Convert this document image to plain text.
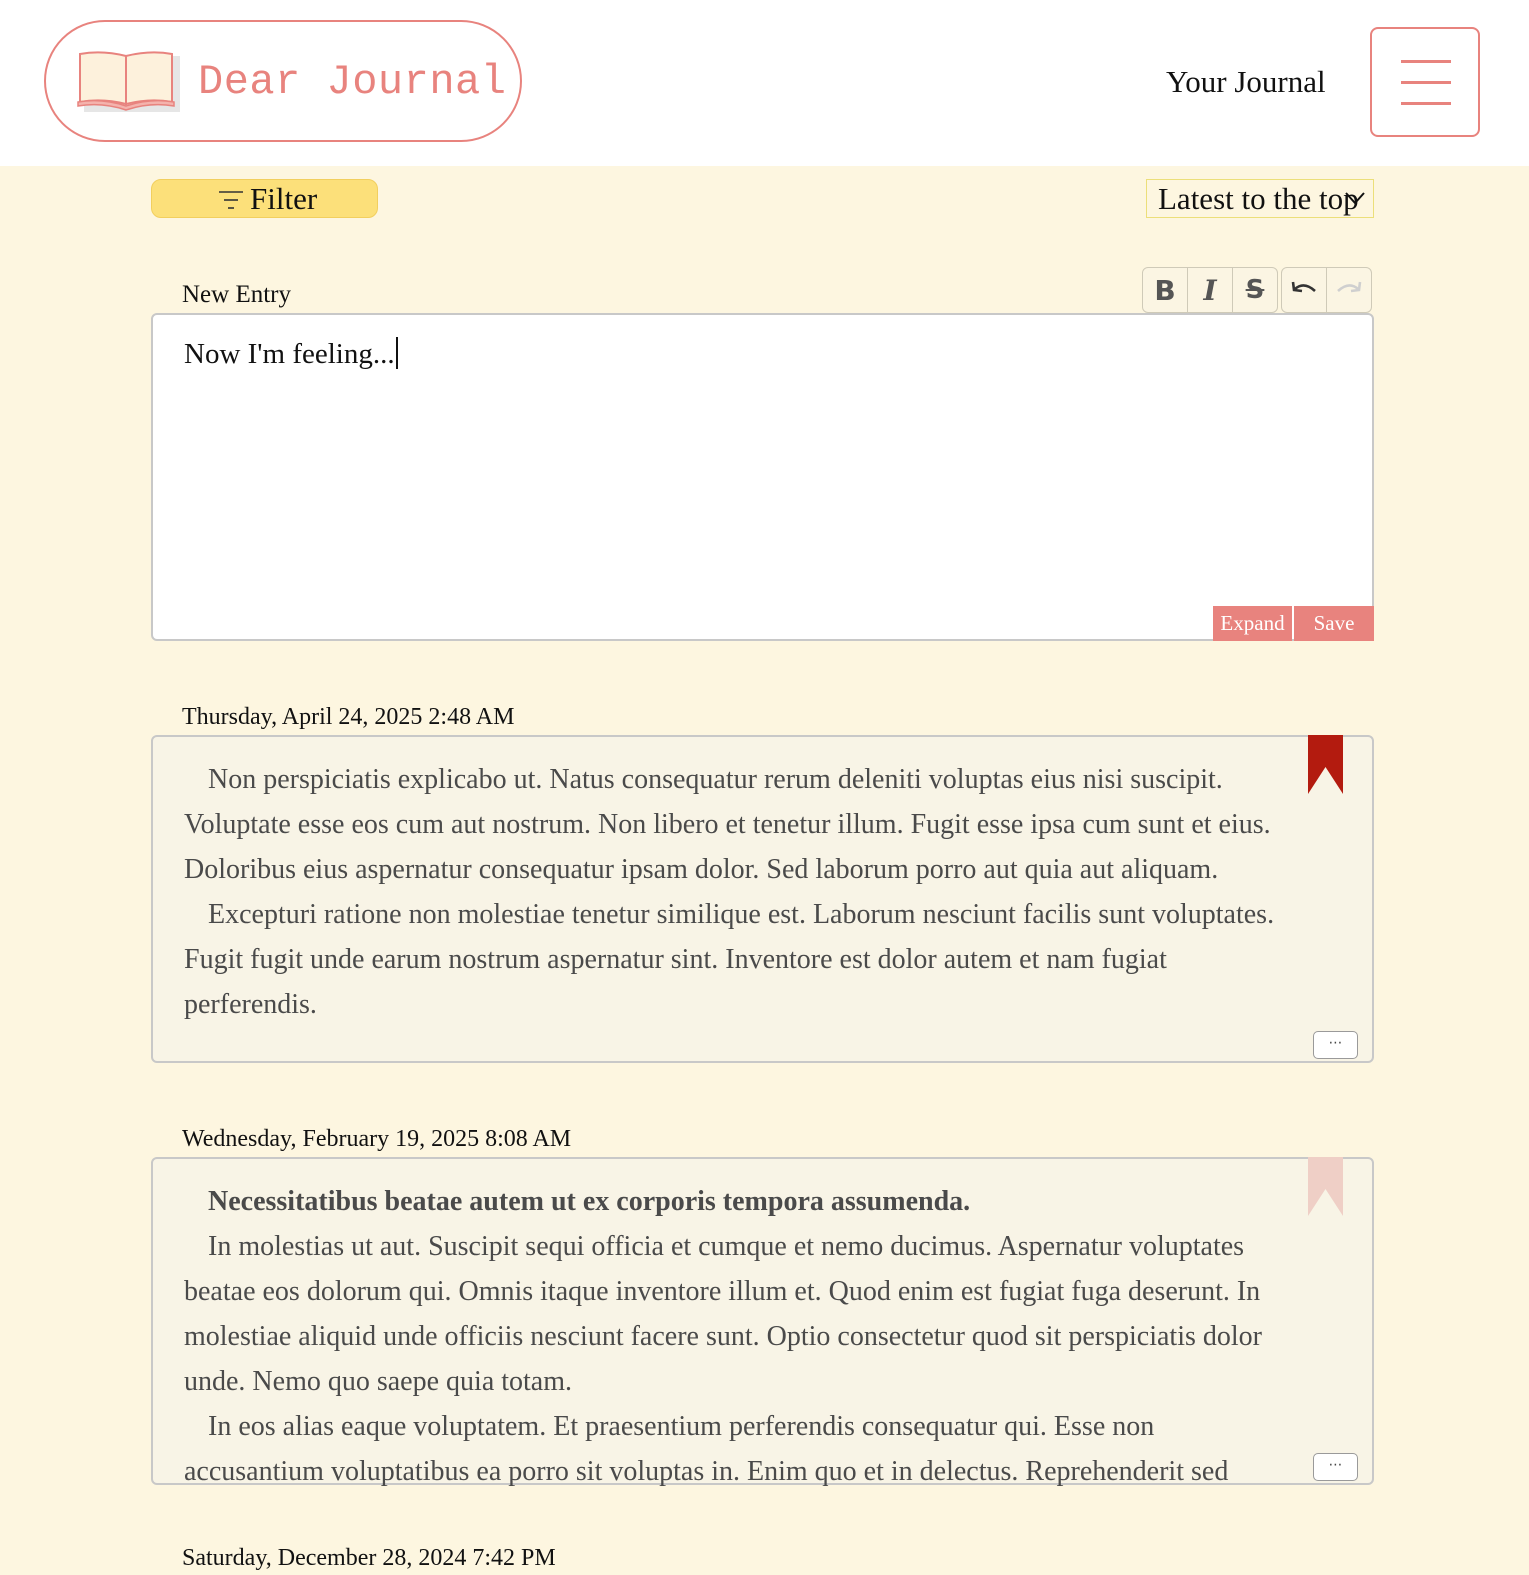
Dear Journal	Your Journal
Filter	Latest to the top
New Entry	B I S
Now I'm feeling...
Expand	Save
Thursday, April 24, 2025 2:48 AM

Non perspiciatis explicabo ut. Natus consequatur rerum deleniti voluptas eius nisi suscipit. Voluptate esse eos cum aut nostrum. Non libero et tenetur illum. Fugit esse ipsa cum sunt et eius. Doloribus eius aspernatur consequatur ipsam dolor. Sed laborum porro aut quia aut aliquam.

Excepturi ratione non molestiae tenetur similique est. Laborum nesciunt facilis sunt voluptates. Fugit fugit unde earum nostrum aspernatur sint. Inventore est dolor autem et nam fugiat perferendis.

⋯
Wednesday, February 19, 2025 8:08 AM

Necessitatibus beatae autem ut ex corporis tempora assumenda.

In molestias ut aut. Suscipit sequi officia et cumque et nemo ducimus. Aspernatur voluptates beatae eos dolorum qui. Omnis itaque inventore illum et. Quod enim est fugiat fuga deserunt. In molestiae aliquid unde officiis nesciunt facere sunt. Optio consectetur quod sit perspiciatis dolor unde. Nemo quo saepe quia totam.

In eos alias eaque voluptatem. Et praesentium perferendis consequatur qui. Esse non accusantium voluptatibus ea porro sit voluptas in. Enim quo et in delectus. Reprehenderit sed	⋯
Saturday, December 28, 2024 7:42 PM
